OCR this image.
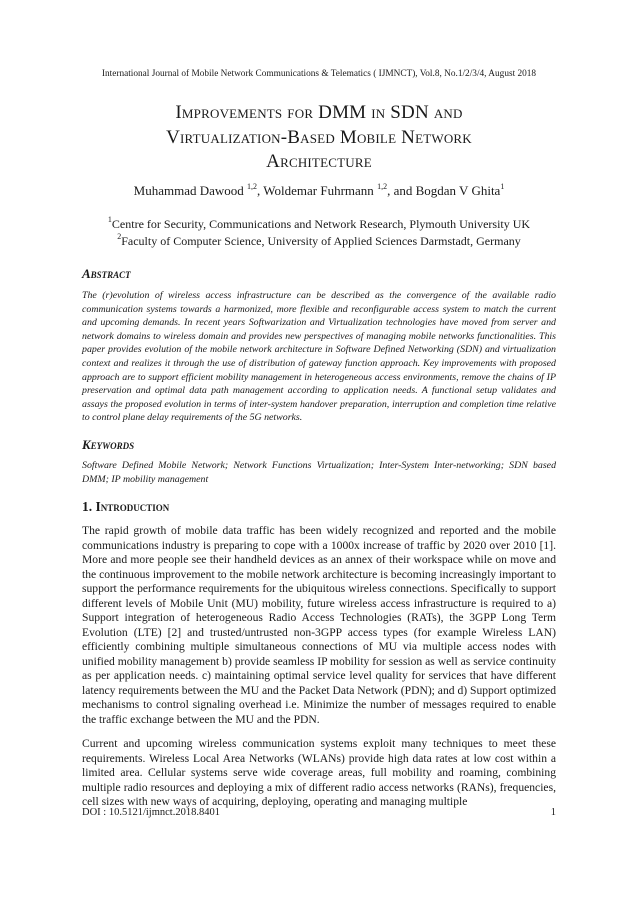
International Journal of Mobile Network Communications & Telematics ( IJMNCT), Vol.8, No.1/2/3/4, August 2018
Improvements for DMM in SDN and
Virtualization-Based Mobile Network
Architecture
Muhammad Dawood $^{1,2}$, Woldemar Fuhrmann $^{1,2}$, and Bogdan V Ghita$^1$
$^1$Centre for Security, Communications and Network Research, Plymouth University UK
$^2$Faculty of Computer Science, University of Applied Sciences Darmstadt, Germany
Abstract

The (r)evolution of wireless access infrastructure can be described as the convergence of the available radio communication systems towards a harmonized, more flexible and reconfigurable access system to match the current and upcoming demands. In recent years Softwarization and Virtualization technologies have moved from server and network domains to wireless domain and provides new perspectives of managing mobile networks functionalities. This paper provides evolution of the mobile network architecture in Software Defined Networking (SDN) and virtualization context and realizes it through the use of distribution of gateway function approach. Key improvements with proposed approach are to support efficient mobility management in heterogeneous access environments, remove the chains of IP preservation and optimal data path management according to application needs. A functional setup validates and assays the proposed evolution in terms of inter-system handover preparation, interruption and completion time relative to control plane delay requirements of the 5G networks.

Keywords

Software Defined Mobile Network; Network Functions Virtualization; Inter-System Inter-networking; SDN based DMM; IP mobility management

1. Introduction

The rapid growth of mobile data traffic has been widely recognized and reported and the mobile communications industry is preparing to cope with a 1000x increase of traffic by 2020 over 2010 [1]. More and more people see their handheld devices as an annex of their workspace while on move and the continuous improvement to the mobile network architecture is becoming increasingly important to support the performance requirements for the ubiquitous wireless connections. Specifically to support different levels of Mobile Unit (MU) mobility, future wireless access infrastructure is required to a) Support integration of heterogeneous Radio Access Technologies (RATs), the 3GPP Long Term Evolution (LTE) [2] and trusted/untrusted non-3GPP access types (for example Wireless LAN) efficiently combining multiple simultaneous connections of MU via multiple access nodes with unified mobility management b) provide seamless IP mobility for session as well as service continuity as per application needs. c) maintaining optimal service level quality for services that have different latency requirements between the MU and the Packet Data Network (PDN); and d) Support optimized mechanisms to control signaling overhead i.e. Minimize the number of messages required to enable the traffic exchange between the MU and the PDN.

Current and upcoming wireless communication systems exploit many techniques to meet these requirements. Wireless Local Area Networks (WLANs) provide high data rates at low cost within a limited area. Cellular systems serve wide coverage areas, full mobility and roaming, combining multiple radio resources and deploying a mix of different radio access networks (RANs), frequencies, cell sizes with new ways of acquiring, deploying, operating and managing multiple

DOI : 10.5121/ijmnct.2018.8401	1
